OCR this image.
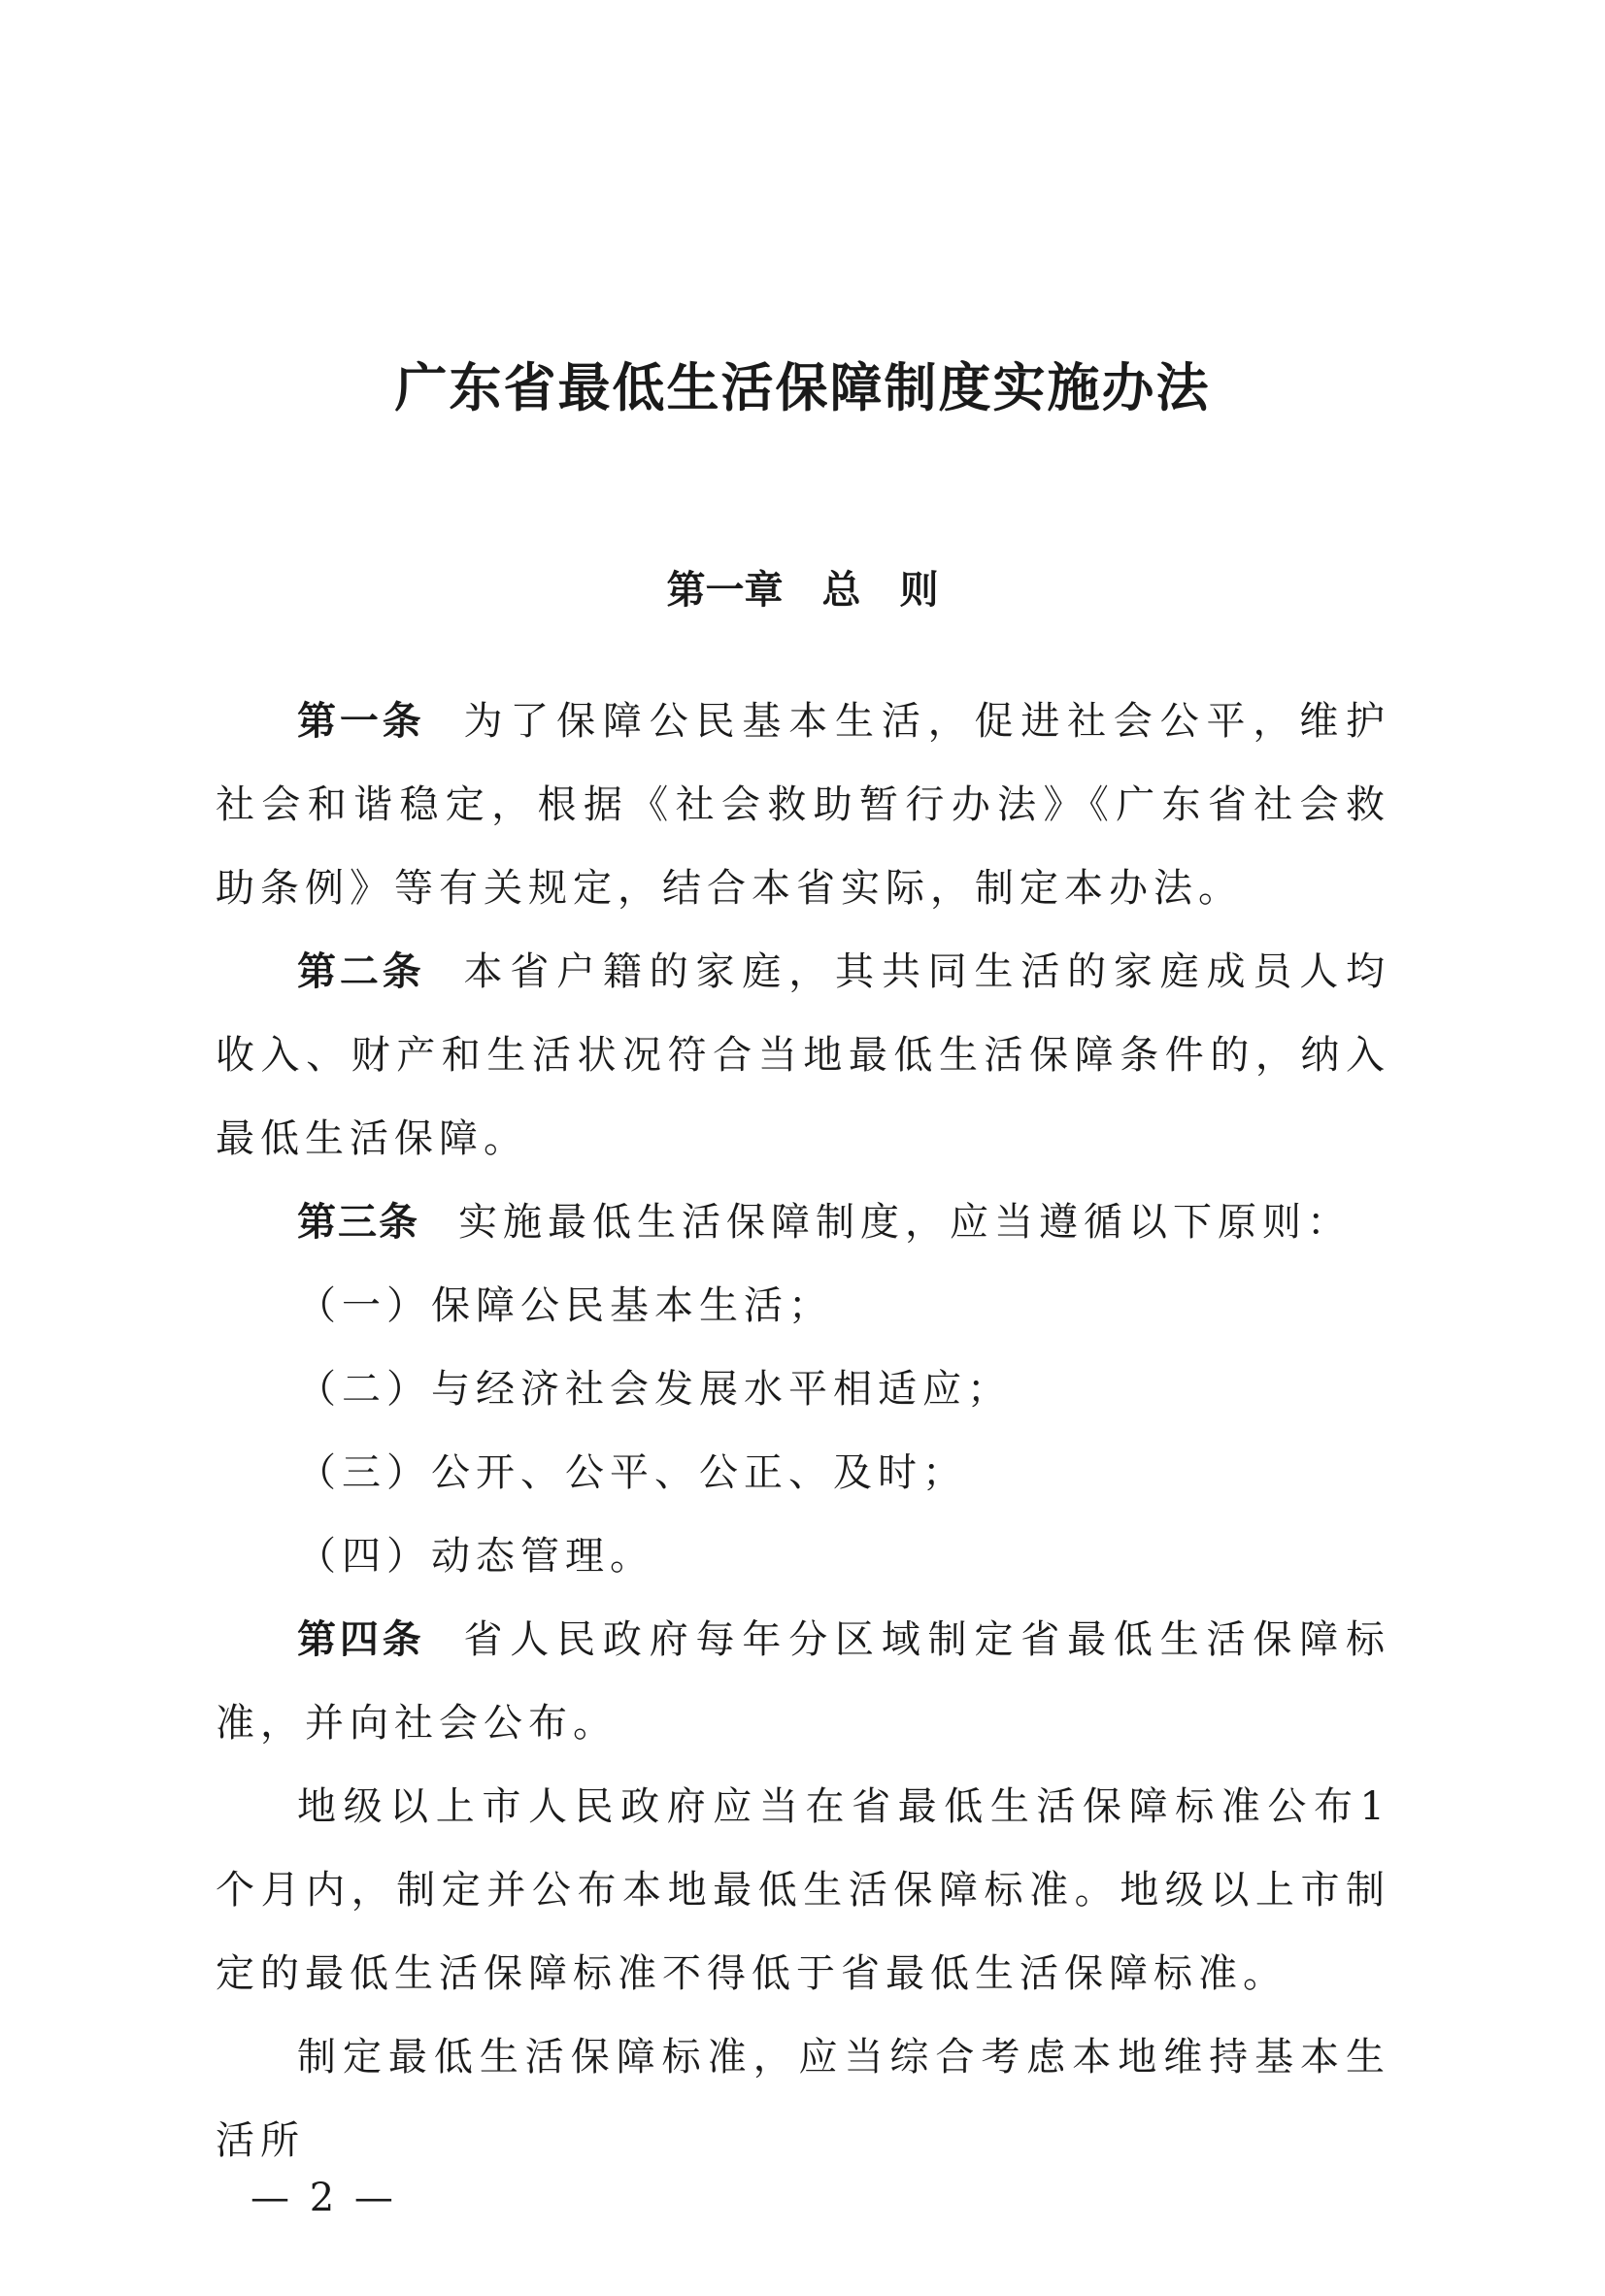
广东省最低生活保障制度实施办法
第一章　总　则

第一条 为了保障公民基本生活，促进社会公平，维护社会和谐稳定，根据《社会救助暂行办法》《广东省社会救助条例》等有关规定，结合本省实际，制定本办法。

第二条 本省户籍的家庭，其共同生活的家庭成员人均收入、财产和生活状况符合当地最低生活保障条件的，纳入最低生活保障。

第三条 实施最低生活保障制度，应当遵循以下原则：

（一）保障公民基本生活；

（二）与经济社会发展水平相适应；

（三）公开、公平、公正、及时；

（四）动态管理。

第四条 省人民政府每年分区域制定省最低生活保障标准，并向社会公布。

地级以上市人民政府应当在省最低生活保障标准公布1个月内，制定并公布本地最低生活保障标准。地级以上市制定的最低生活保障标准不得低于省最低生活保障标准。

制定最低生活保障标准，应当综合考虑本地维持基本生活所

— 2 —
